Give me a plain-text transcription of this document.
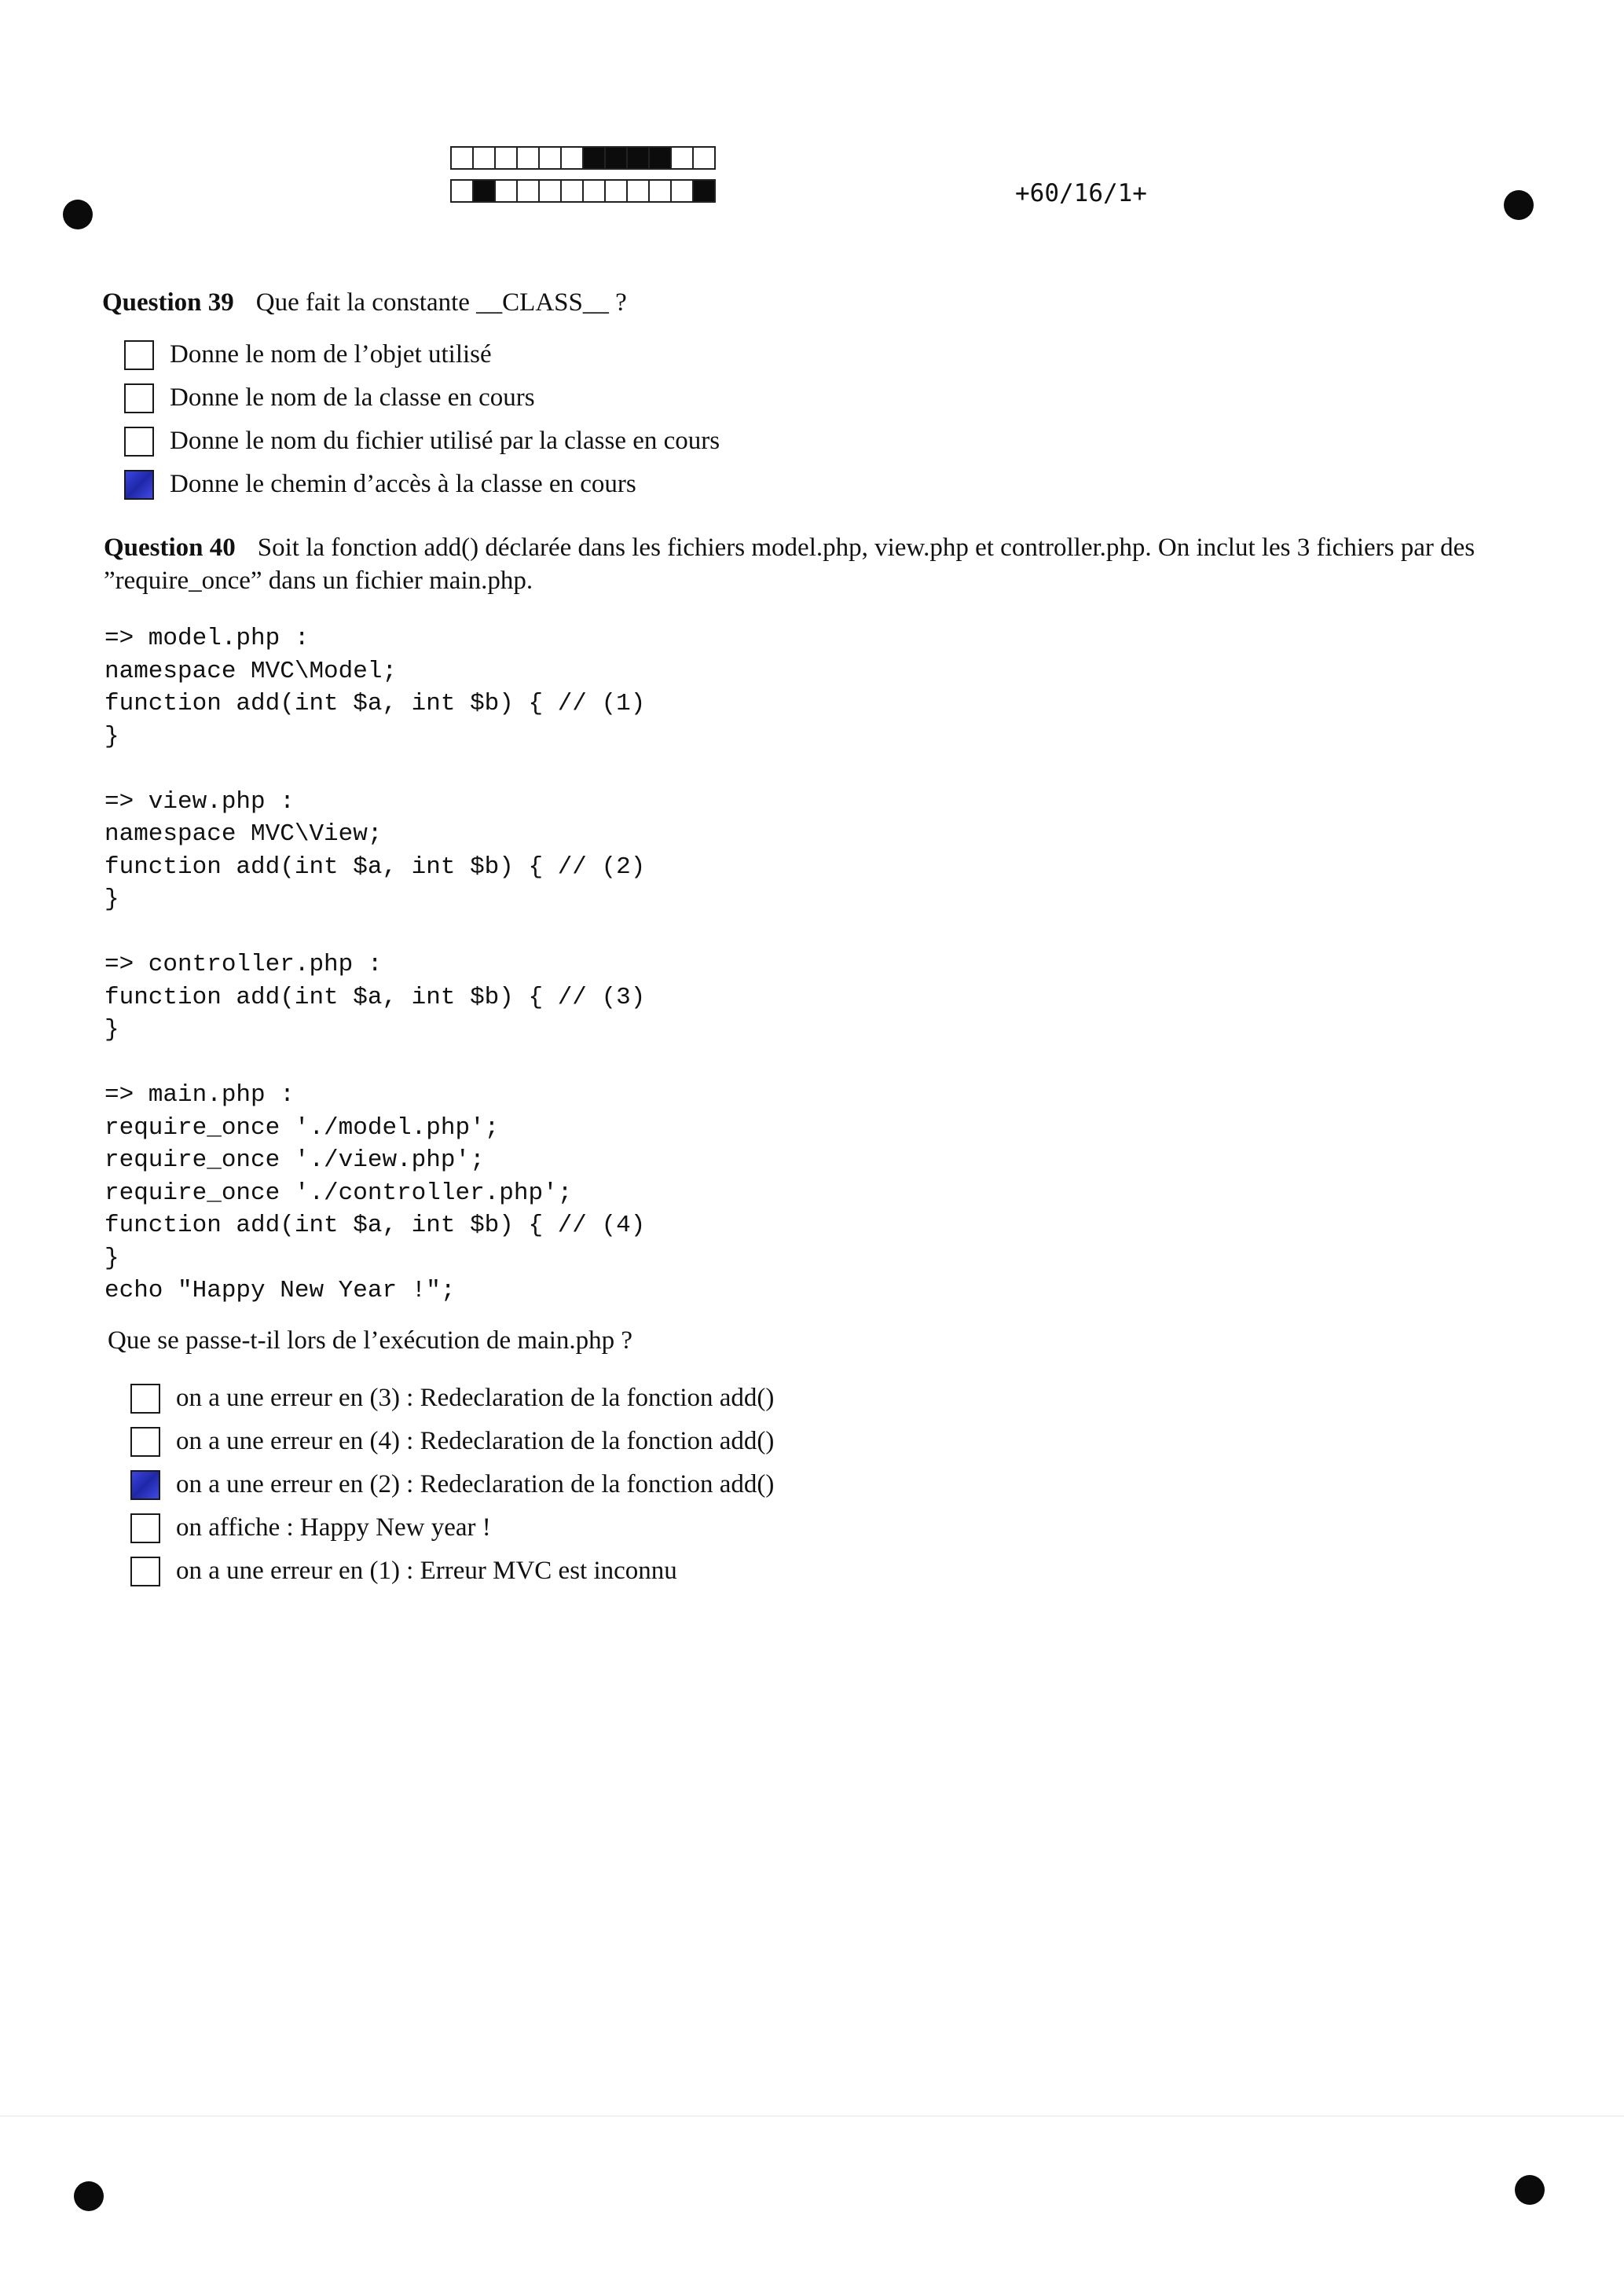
+60/16/1+
Question 39 Que fait la constante __CLASS__ ?
Donne le nom de l’objet utilisé
Donne le nom de la classe en cours
Donne le nom du fichier utilisé par la classe en cours
Donne le chemin d’accès à la classe en cours
Question 40 Soit la fonction add() déclarée dans les fichiers model.php, view.php et controller.php. On inclut les 3 fichiers par des ”require_once” dans un fichier main.php.
=> model.php :
namespace MVC\Model;
function add(int $a, int $b) { // (1)
}

=> view.php :
namespace MVC\View;
function add(int $a, int $b) { // (2)
}

=> controller.php :
function add(int $a, int $b) { // (3)
}

=> main.php :
require_once './model.php';
require_once './view.php';
require_once './controller.php';
function add(int $a, int $b) { // (4)
}
echo "Happy New Year !";
Que se passe-t-il lors de l’exécution de main.php ?
on a une erreur en (3) : Redeclaration de la fonction add()
on a une erreur en (4) : Redeclaration de la fonction add()
on a une erreur en (2) : Redeclaration de la fonction add()
on affiche : Happy New year !
on a une erreur en (1) : Erreur MVC est inconnu
